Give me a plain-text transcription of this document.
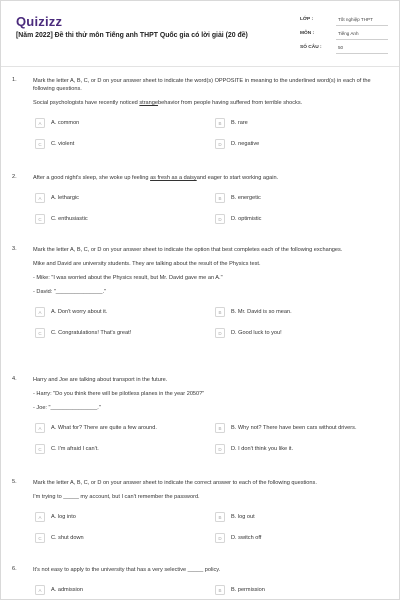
Quizizz
[Năm 2022] Đề thi thử môn Tiếng anh THPT Quốc gia có lời giải (20 đề)
LỚP :	Tốt nghiệp THPT
MÔN :	Tiếng Anh
SỐ CÂU :	50
1.	Mark the letter A, B, C, or D on your answer sheet to indicate the word(s) OPPOSITE in meaning to the underlined word(s) in each of the following questions.

Social psychologists have recently noticed strangebehavior from people having suffered from terrible shocks.

A	A. common	B	B. rare
C	C. violent	D	D. negative
2.	After a good night's sleep, she woke up feeling as fresh as a daisyand eager to start working again.

A	A. lethargic	B	B. energetic
C	C. enthusiastic	D	D. optimistic
3.	Mark the letter A, B, C, or D on your answer sheet to indicate the option that best completes each of the following exchanges.

Mike and David are university students. They are talking about the result of the Physics test.

- Mike: "I was worried about the Physics result, but Mr. David gave me an A."

- David: "_______________."

A	A. Don't worry about it.	B	B. Mr. David is so mean.
C	C. Congratulations! That's great!	D	D. Good luck to you!
4.	Harry and Joe are talking about transport in the future.

- Harry: "Do you think there will be pilotless planes in the year 2050?"

- Joe: "_______________."

A	A. What for? There are quite a few around.	B	B. Why not? There have been cars without drivers.
C	C. I'm afraid I can't.	D	D. I don't think you like it.
5.	Mark the letter A, B, C, or D on your answer sheet to indicate the correct answer to each of the following questions.

I'm trying to _____ my account, but I can't remember the password.

A	A. log into	B	B. log out
C	C. shut down	D	D. switch off
6.	It's not easy to apply to the university that has a very selective _____ policy.

A	A. admission	B	B. permission
